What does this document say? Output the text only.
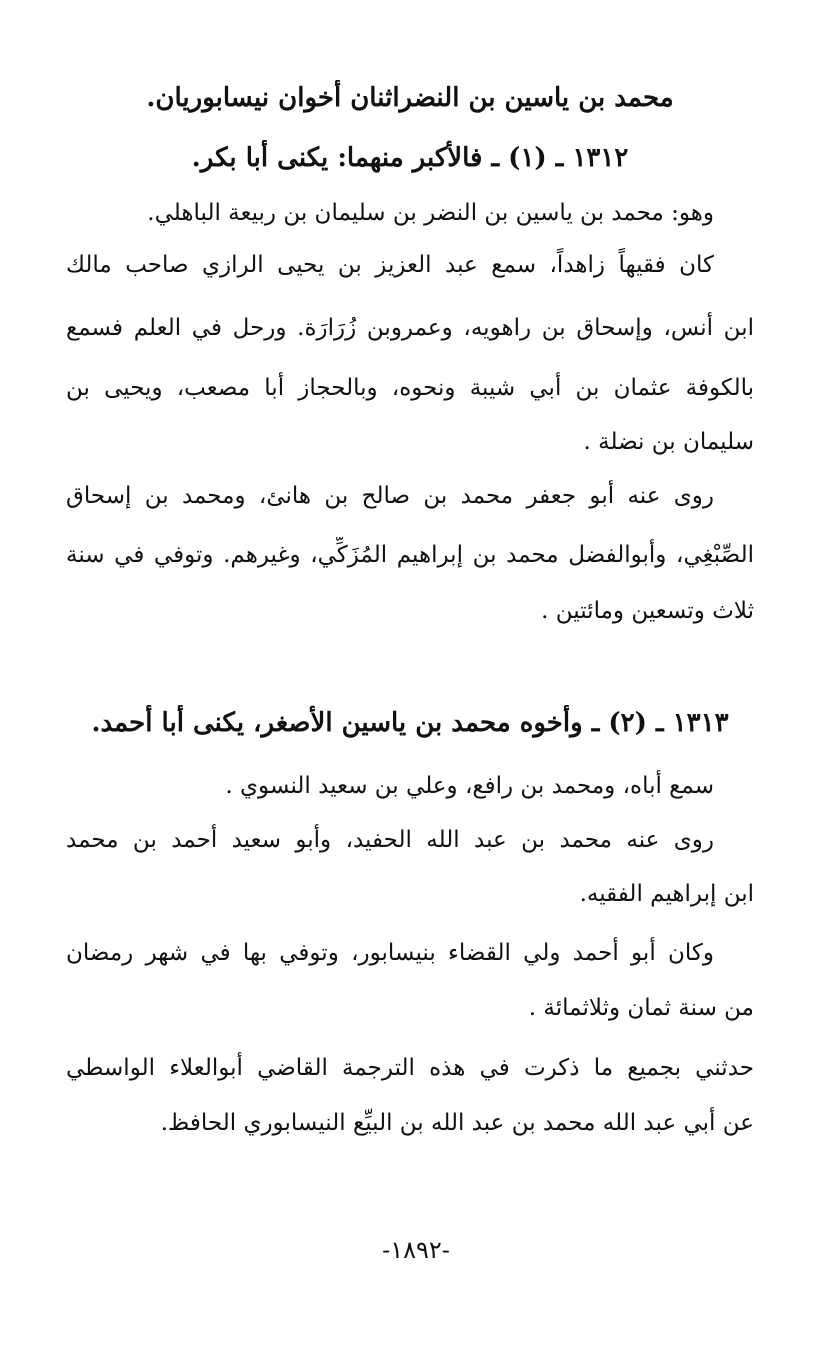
محمد بن ياسين بن النضراثنان أخوان نيسابوريان.
١٣١٢ ـ (١) ـ فالأكبر منهما: يكنى أبا بكر.
وهو: محمد بن ياسين بن النضر بن سليمان بن ربيعة الباهلي.
كان فقيهاً زاهداً، سمع عبد العزيز بن يحيى الرازي صاحب مالك
ابن أنس، وإسحاق بن راهويه، وعمروبن زُرَارَة. ورحل في العلم فسمع
بالكوفة عثمان بن أبي شيبة ونحوه، وبالحجاز أبا مصعب، ويحيى بن
سليمان بن نضلة .
روى عنه أبو جعفر محمد بن صالح بن هانئ، ومحمد بن إسحاق
الصِّبْغِي، وأبوالفضل محمد بن إبراهيم المُزَكِّي، وغيرهم. وتوفي في سنة
ثلاث وتسعين ومائتين .
١٣١٣ ـ (٢) ـ وأخوه محمد بن ياسين الأصغر، يكنى أبا أحمد.
سمع أباه، ومحمد بن رافع، وعلي بن سعيد النسوي .
روى عنه محمد بن عبد الله الحفيد، وأبو سعيد أحمد بن محمد
ابن إبراهيم الفقيه.
وكان أبو أحمد ولي القضاء بنيسابور، وتوفي بها في شهر رمضان
من سنة ثمان وثلاثمائة .
حدثني بجميع ما ذكرت في هذه الترجمة القاضي أبوالعلاء الواسطي
عن أبي عبد الله محمد بن عبد الله بن البيِّع النيسابوري الحافظ.
-١٨٩٢-
